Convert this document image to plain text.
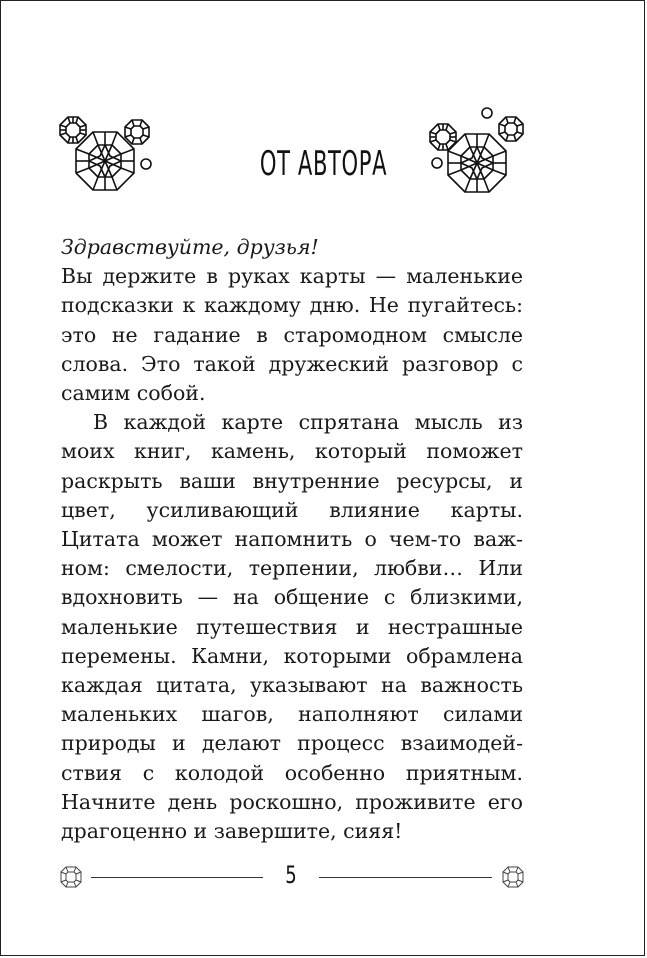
ОТ АВТОРА
Здравствуйте, друзья!

Вы держите в руках карты — маленькие подсказки к каждому дню. Не пугайтесь: это не гадание в старомодном смысле слова. Это такой дружеский разговор с самим собой.

В каждой карте спрятана мысль из моих книг, камень, который поможет раскрыть ваши внутренние ресурсы, и цвет, усиливающий влияние карты. Цитата может напомнить о чем-то важном: смелости, терпении, любви… Или вдохновить — на общение с близкими, маленькие путешествия и нестрашные перемены. Камни, которыми обрамлена каждая цитата, указывают на важность маленьких шагов, наполняют силами природы и делают процесс взаимодействия с колодой особенно приятным. Начните день роскошно, проживите его драгоценно и завершите, сияя!

5
